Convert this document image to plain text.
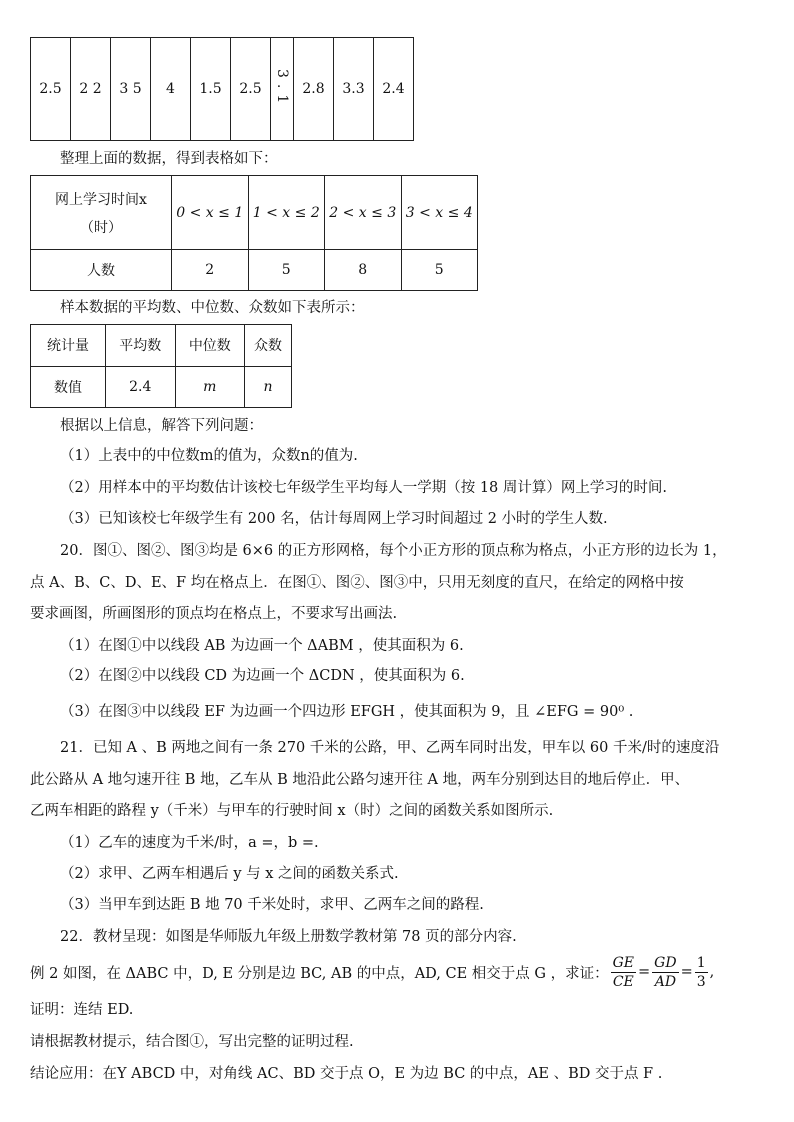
2.5	2 2	3 5	4	1.5	2.5	3.1	2.8	3.3	2.4
整理上面的数据，得到表格如下：
网上学习时间x
（时）	0 < x ≤ 1	1 < x ≤ 2	2 < x ≤ 3	3 < x ≤ 4
人数	2	5	8	5
样本数据的平均数、中位数、众数如下表所示：
统计量	平均数	中位数	众数
数值	2.4	m	n
根据以上信息，解答下列问题：
（1）上表中的中位数m的值为，众数n的值为.
（2）用样本中的平均数估计该校七年级学生平均每人一学期（按 18 周计算）网上学习的时间.
（3）已知该校七年级学生有 200 名，估计每周网上学习时间超过 2 小时的学生人数.
20．图①、图②、图③均是 6×6 的正方形网格，每个小正方形的顶点称为格点，小正方形的边长为 1，
点 A、B、C、D、E、F 均在格点上．在图①、图②、图③中，只用无刻度的直尺，在给定的网格中按
要求画图，所画图形的顶点均在格点上，不要求写出画法.
（1）在图①中以线段 AB 为边画一个 ΔABM ，使其面积为 6.
（2）在图②中以线段 CD 为边画一个 ΔCDN ，使其面积为 6.
（3）在图③中以线段 EF 为边画一个四边形 EFGH ，使其面积为 9，且 ∠EFG = 90⁰ .
21．已知 A 、B 两地之间有一条 270 千米的公路，甲、乙两车同时出发，甲车以 60 千米/时的速度沿
此公路从 A 地匀速开往 B 地，乙车从 B 地沿此公路匀速开往 A 地，两车分别到达目的地后停止．甲、
乙两车相距的路程 y（千米）与甲车的行驶时间 x（时）之间的函数关系如图所示.
（1）乙车的速度为千米/时，a =，b =.
（2）求甲、乙两车相遇后 y 与 x 之间的函数关系式.
（3）当甲车到达距 B 地 70 千米处时，求甲、乙两车之间的路程.
22．教材呈现：如图是华师版九年级上册数学教材第 78 页的部分内容.
例 2 如图，在 ΔABC 中，D, E 分别是边 BC, AB 的中点，AD, CE 相交于点 G ，求证： $\frac{GE}{CE} = \frac{GD}{AD} = \frac{1}{3}$ ,
证明：连结 ED.
请根据教材提示，结合图①，写出完整的证明过程.
结论应用：在Y ABCD 中，对角线 AC、BD 交于点 O，E 为边 BC 的中点，AE 、BD 交于点 F .
